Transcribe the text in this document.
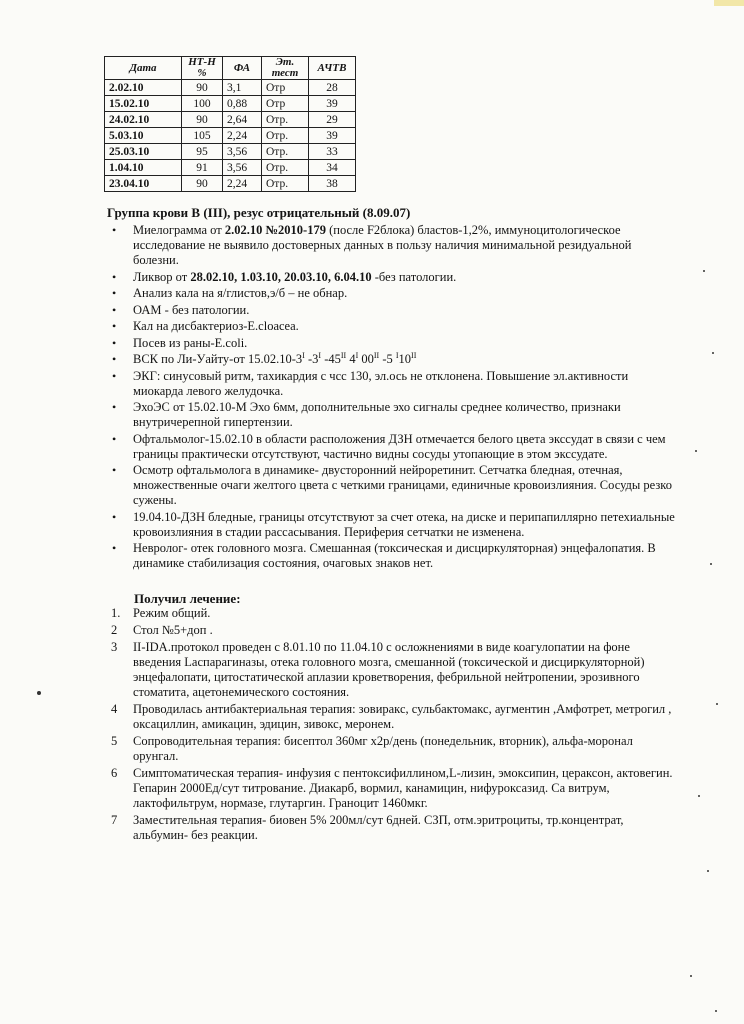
Дата	НТ-Н %	ФА	Эт. тест	АЧТВ
2.02.10	90	3,1	Отр	28
15.02.10	100	0,88	Отр	39
24.02.10	90	2,64	Отр.	29
5.03.10	105	2,24	Отр.	39
25.03.10	95	3,56	Отр.	33
1.04.10	91	3,56	Отр.	34
23.04.10	90	2,24	Отр.	38
Группа крови В (III), резус отрицательный (8.09.07)
• Миелограмма от 2.02.10 №2010-179 (после F2блока) бластов-1,2%, иммуноцитологическое исследование не выявило достоверных данных в пользу наличия минимальной резидуальной болезни.
• Ликвор от 28.02.10, 1.03.10, 20.03.10, 6.04.10 -без патологии.
• Анализ кала на я/глистов,э/б – не обнар.
• ОАМ - без патологии.
• Кал на дисбактериоз-E.cloacea.
• Посев из раны-E.coli.
• ВСК по Ли-Уайту-от $15.02.10-3^I$ $-3^I$ $-45^{II}$ $4^I$ $00^{II}$ -5 $^I10^{II}$
• ЭКГ: синусовый ритм, тахикардия с чсс 130, эл.ось не отклонена. Повышение эл.активности миокарда левого желудочка.
• ЭхоЭС от 15.02.10-М Эхо 6мм, дополнительные эхо сигналы среднее количество, признаки внутричерепной гипертензии.
• Офтальмолог-15.02.10 в области расположения ДЗН отмечается белого цвета экссудат в связи с чем границы практически отсутствуют, частично видны сосуды утопающие в этом экссудате.
• Осмотр офтальмолога в динамике- двусторонний нейроретинит. Сетчатка бледная, отечная, множественные очаги желтого цвета с четкими границами, единичные кровоизлияния. Сосуды резко сужены.
• 19.04.10-ДЗН бледные, границы отсутствуют за счет отека, на диске и перипапиллярно петехиальные кровоизлияния в стадии рассасывания. Периферия сетчатки не изменена.
• Невролог- отек головного мозга. Смешанная (токсическая и дисциркуляторная) энцефалопатия. В динамике стабилизация состояния, очаговых знаков нет.
Получил лечение:
1. Режим общий.
2 Стол №5+доп .
3 II-IDA.протокол проведен с 8.01.10 по 11.04.10 с осложнениями в виде коагулопатии на фоне введения Lаспарагиназы, отека головного мозга, смешанной (токсической и дисциркуляторной) энцефалопати, цитостатической аплазии кроветворения, фебрильной нейтропении, эрозивного стоматита, ацетонемического состояния.
4 Проводилась антибактериальная терапия: зовиракс, сульбактомакс, аугментин ,Амфотрет, метрогил , оксациллин, амикацин, эдицин, зивокс, меронем.
5 Сопроводительная терапия: бисептол 360мг х2р/день (понедельник, вторник), альфа-моронал орунгал.
6 Симптоматическая терапия- инфузия с пентоксифиллином,L-лизин, эмоксипин, цераксон, актовегин. Гепарин 2000Ед/сут титрование. Диакарб, вормил, канамицин, нифуроксазид. Са витрум, лактофильтрум, нормазе, глутаргин. Граноцит 1460мкг.
7 Заместительная терапия- биовен 5% 200мл/сут 6дней. СЗП, отм.эритроциты, тр.концентрат, альбумин- без реакции.
